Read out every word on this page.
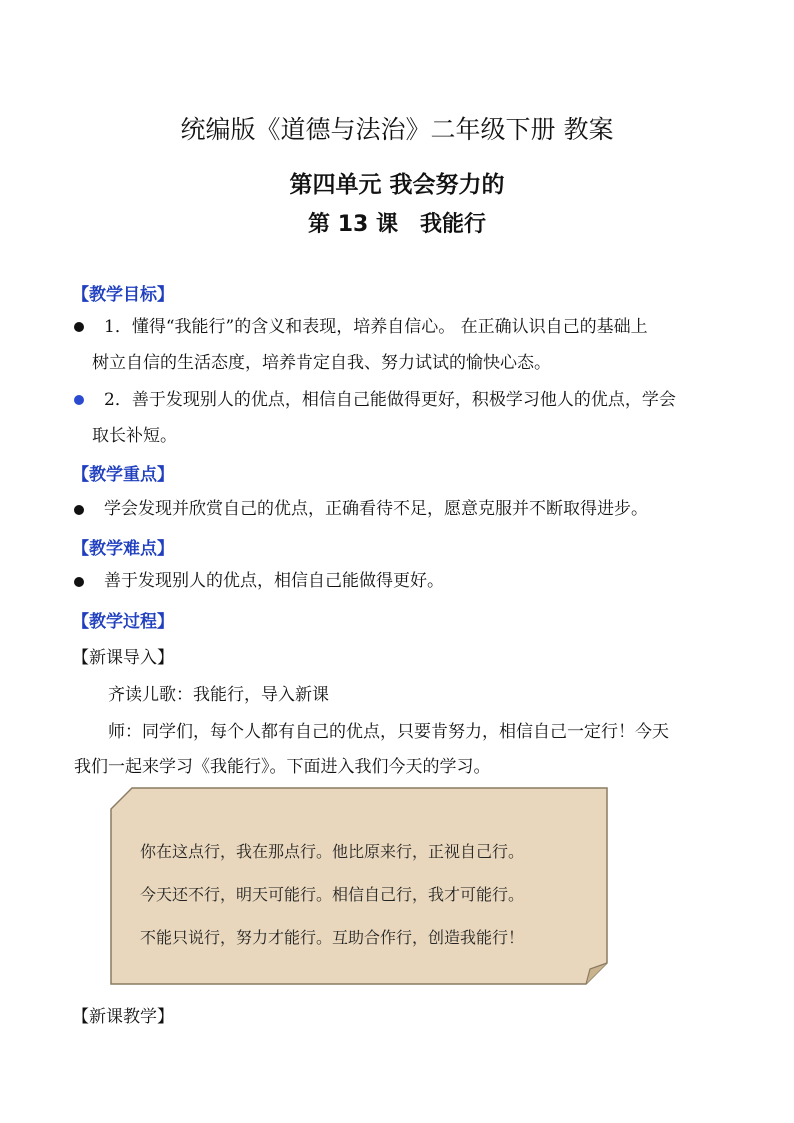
统编版《道德与法治》二年级下册 教案
第四单元 我会努力的
第 13 课　我能行
【教学目标】
1．懂得“我能行”的含义和表现，培养自信心。 在正确认识自己的基础上
树立自信的生活态度，培养肯定自我、努力试试的愉快心态。
2．善于发现别人的优点，相信自己能做得更好，积极学习他人的优点，学会
取长补短。
【教学重点】
学会发现并欣赏自己的优点，正确看待不足，愿意克服并不断取得进步。
【教学难点】
善于发现别人的优点，相信自己能做得更好。
【教学过程】
【新课导入】
齐读儿歌：我能行，导入新课
师：同学们，每个人都有自己的优点，只要肯努力，相信自己一定行！今天
我们一起来学习《我能行》。下面进入我们今天的学习。
你在这点行，我在那点行。他比原来行，正视自己行。
今天还不行，明天可能行。相信自己行，我才可能行。
不能只说行，努力才能行。互助合作行，创造我能行！
【新课教学】
